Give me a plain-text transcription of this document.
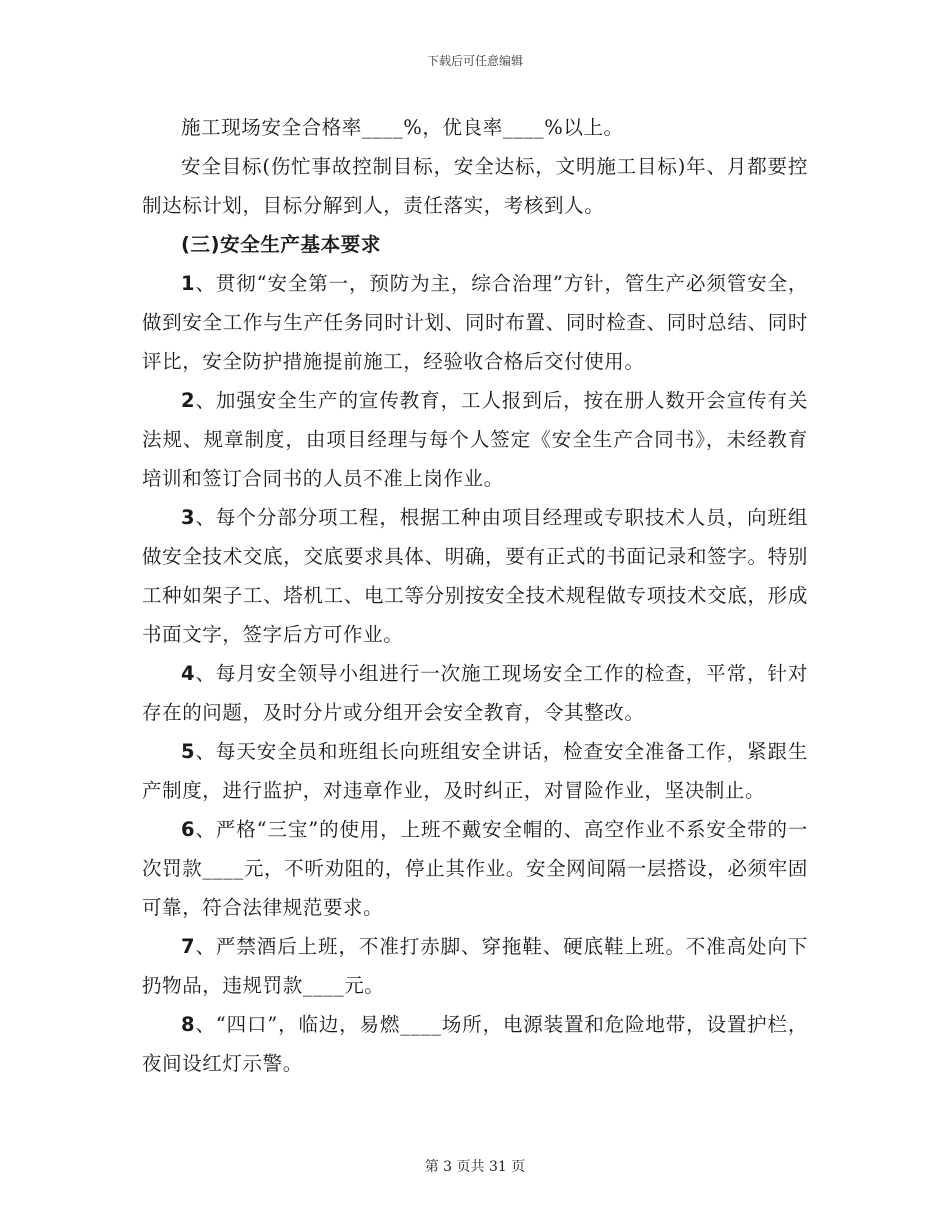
下载后可任意编辑

施工现场安全合格率____%，优良率____%以上。

安全目标(伤忙事故控制目标，安全达标，文明施工目标)年、月都要控制达标计划，目标分解到人，责任落实，考核到人。

(三)安全生产基本要求

1、贯彻“安全第一，预防为主，综合治理”方针，管生产必须管安全，做到安全工作与生产任务同时计划、同时布置、同时检查、同时总结、同时评比，安全防护措施提前施工，经验收合格后交付使用。

2、加强安全生产的宣传教育，工人报到后，按在册人数开会宣传有关法规、规章制度，由项目经理与每个人签定《安全生产合同书》，未经教育培训和签订合同书的人员不准上岗作业。

3、每个分部分项工程，根据工种由项目经理或专职技术人员，向班组做安全技术交底，交底要求具体、明确，要有正式的书面记录和签字。特别工种如架子工、塔机工、电工等分别按安全技术规程做专项技术交底，形成书面文字，签字后方可作业。

4、每月安全领导小组进行一次施工现场安全工作的检查，平常，针对存在的问题，及时分片或分组开会安全教育，令其整改。

5、每天安全员和班组长向班组安全讲话，检查安全准备工作，紧跟生产制度，进行监护，对违章作业，及时纠正，对冒险作业，坚决制止。

6、严格“三宝”的使用，上班不戴安全帽的、高空作业不系安全带的一次罚款____元，不听劝阻的，停止其作业。安全网间隔一层搭设，必须牢固可靠，符合法律规范要求。

7、严禁酒后上班，不准打赤脚、穿拖鞋、硬底鞋上班。不准高处向下扔物品，违规罚款____元。

8、“四口”，临边，易燃____场所，电源装置和危险地带，设置护栏，夜间设红灯示警。

第 3 页共 31 页
